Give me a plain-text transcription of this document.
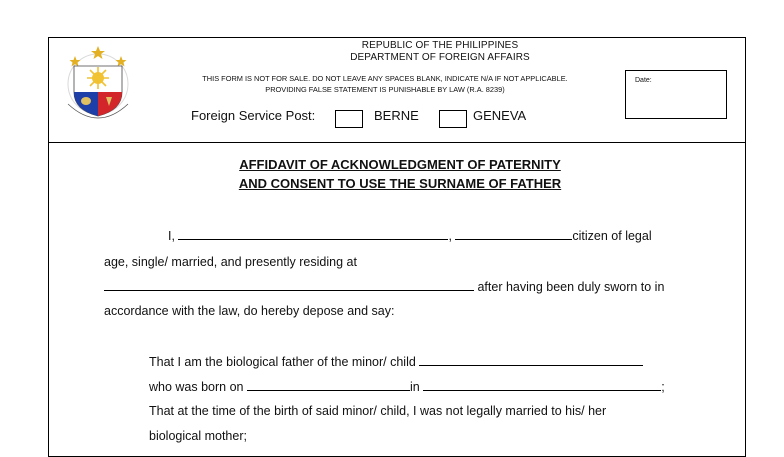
REPUBLIC OF THE PHILIPPINES
DEPARTMENT OF FOREIGN AFFAIRS
THIS FORM IS NOT FOR SALE. DO NOT LEAVE ANY SPACES BLANK, INDICATE N/A IF NOT APPLICABLE.
PROVIDING FALSE STATEMENT IS PUNISHABLE BY LAW (R.A. 8239)
Date:
Foreign Service Post:	BERNE	GENEVA
AFFIDAVIT OF ACKNOWLEDGMENT OF PATERNITY
AND CONSENT TO USE THE SURNAME OF FATHER
I,	,	citizen of legal
age, single/ married, and presently residing at
after having been duly sworn to in
accordance with the law, do hereby depose and say:
That I am the biological father of the minor/ child
who was born on	in	;
That at the time of the birth of said minor/ child, I was not legally married to his/ her
biological mother;
